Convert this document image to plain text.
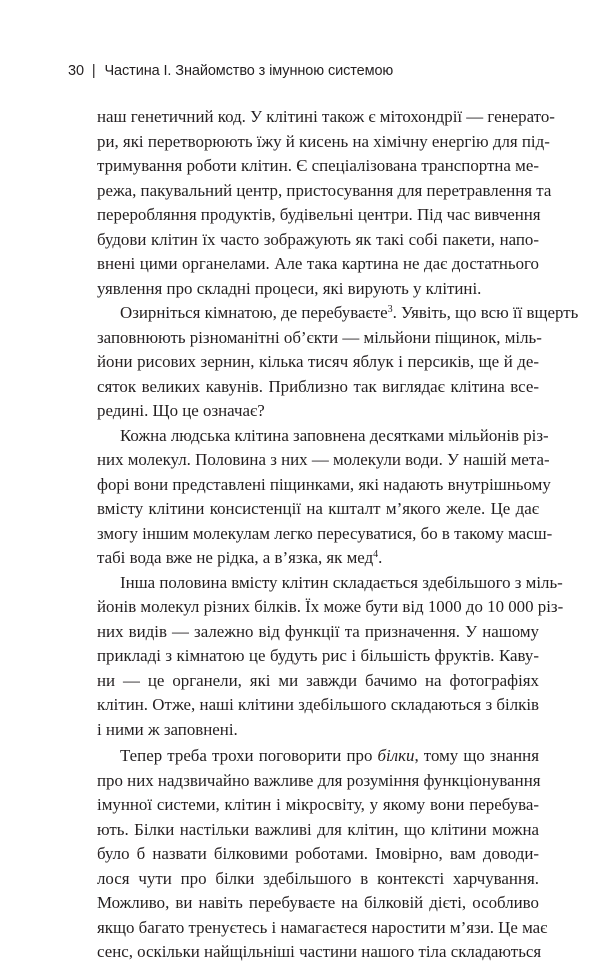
30 | Частина I. Знайомство з імунною системою
наш генетичний код. У клітині також є мітохондрії — генерато-
ри, які перетворюють їжу й кисень на хімічну енергію для під-
тримування роботи клітин. Є спеціалізована транспортна ме-
режа, пакувальний центр, пристосування для перетравлення та
переробляння продуктів, будівельні центри. Під час вивчення
будови клітин їх часто зображують як такі собі пакети, напо-
внені цими органелами. Але така картина не дає достатнього
уявлення про складні процеси, які вирують у клітині.
Озирніться кімнатою, де перебуваєте$^3$. Уявіть, що всю її вщерть
заповнюють різноманітні об’єкти — мільйони піщинок, міль-
йони рисових зернин, кілька тисяч яблук і персиків, ще й де-
сяток великих кавунів. Приблизно так виглядає клітина все-
редині. Що це означає?
Кожна людська клітина заповнена десятками мільйонів різ-
них молекул. Половина з них — молекули води. У нашій мета-
форі вони представлені піщинками, які надають внутрішньому
вмісту клітини консистенції на кшталт м’якого желе. Це дає
змогу іншим молекулам легко пересуватися, бо в такому масш-
табі вода вже не рідка, а в’язка, як мед$^4$.
Інша половина вмісту клітин складається здебільшого з міль-
йонів молекул різних білків. Їх може бути від 1000 до 10 000 різ-
них видів — залежно від функції та призначення. У нашому
прикладі з кімнатою це будуть рис і більшість фруктів. Каву-
ни — це органели, які ми завжди бачимо на фотографіях
клітин. Отже, наші клітини здебільшого складаються з білків
і ними ж заповнені.
Тепер треба трохи поговорити про білки, тому що знання
про них надзвичайно важливе для розуміння функціонування
імунної системи, клітин і мікросвіту, у якому вони перебува-
ють. Білки настільки важливі для клітин, що клітини можна
було б назвати білковими роботами. Імовірно, вам доводи-
лося чути про білки здебільшого в контексті харчування.
Можливо, ви навіть перебуваєте на білковій дієті, особливо
якщо багато тренуєтесь і намагаєтеся наростити м’язи. Це має
сенс, оскільки найщільніші частини нашого тіла складаються
